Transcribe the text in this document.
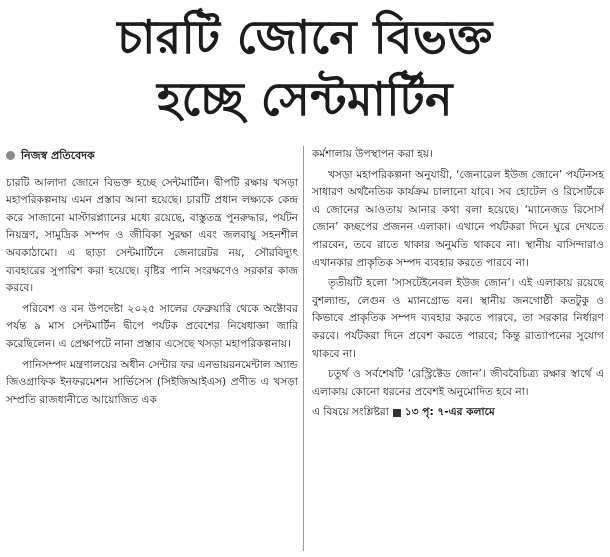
চারটি জোনে বিভক্ত
হচ্ছে সেন্টমার্টিন
নিজস্ব প্রতিবেদক

চারটি আলাদা জোনে বিভক্ত হচ্ছে সেন্টমার্টিন। দ্বীপটি রক্ষায় খসড়া মহাপরিকল্পনায় এমন প্রস্তাব আনা হয়েছে। চারটি প্রধান লক্ষ্যকে কেন্দ্র করে সাজানো মাস্টারপ্ল্যানের মধ্যে রয়েছে, বাস্তুতন্ত্র পুনরুদ্ধার, পর্যটন নিয়ন্ত্রণ, সামুদ্রিক সম্পদ ও জীবিকা সুরক্ষা এবং জলবায়ু সহনশীল অবকাঠামো। এ ছাড়া সেন্টমার্টিনে জেনারেটর নয়, সৌরবিদ্যুৎ ব্যবহারের সুপারিশ করা হয়েছে। বৃষ্টির পানি সংরক্ষণেও সরকার কাজ করবে।

পরিবেশ ও বন উপদেষ্টা ২০২৫ সালের ফেব্রুয়ারি থেকে অক্টোবর পর্যন্ত ৯ মাস সেন্টমার্টিন দ্বীপে পর্যটক প্রবেশের নিষেধাজ্ঞা জারি করেছিলেন। এ প্রেক্ষাপটে নানা প্রস্তাব এসেছে খসড়া মহাপরিকল্পনায়।

পানিসম্পদ মন্ত্রণালয়ের অধীন সেন্টার ফর এনভায়রনমেন্টাল অ্যান্ড জিওগ্রাফিক ইনফরমেশন সার্ভিসেস (সিইজিআইএস) প্রণীত এ খসড়া সম্প্রতি রাজধানীতে আয়োজিত এক

কর্মশালায় উপস্থাপন করা হয়।

খসড়া মহাপরিকল্পনা অনুযায়ী, ‘জেনারেল ইউজ জোনে’ পর্যটনসহ সাধারণ অর্থনৈতিক কার্যক্রম চালানো যাবে। সব হোটেল ও রিসোর্টকে এ জোনের আওতায় আনার কথা বলা হয়েছে। ‘ম্যানেজড রিসোর্স জোন’ কচ্ছপের প্রজনন এলাকা। এখানে পর্যটকরা দিনে ঘুরে দেখতে পারবেন, তবে রাতে থাকার অনুমতি থাকবে না। স্থানীয় বাসিন্দারাও এখানকার প্রাকৃতিক সম্পদ ব্যবহার করতে পারবে না।

তৃতীয়টি হলো ‘সাসটেইনেবল ইউজ জোন’। এই এলাকায় রয়েছে বুশল্যান্ড, লেগুন ও ম্যানগ্রোভ বন। স্থানীয় জনগোষ্ঠী কতটুকু ও কিভাবে প্রাকৃতিক সম্পদ ব্যবহার করতে পারবে, তা সরকার নির্ধারণ করবে। পর্যটকরা দিনে প্রবেশ করতে পারবে; কিন্তু রাত্যাপনের সুযোগ থাকবে না।

চতুর্থ ও সর্বশেষটি ‘রেস্ট্রিক্টেড জোন’। জীববৈচিত্র্য রক্ষার স্বার্থে এ এলাকায় কোনো ধরনের প্রবেশই অনুমোদিত হবে না।

এ বিষয়ে সংশ্লিষ্টরা ১৩ পৃ: ৭-এর কলামে
